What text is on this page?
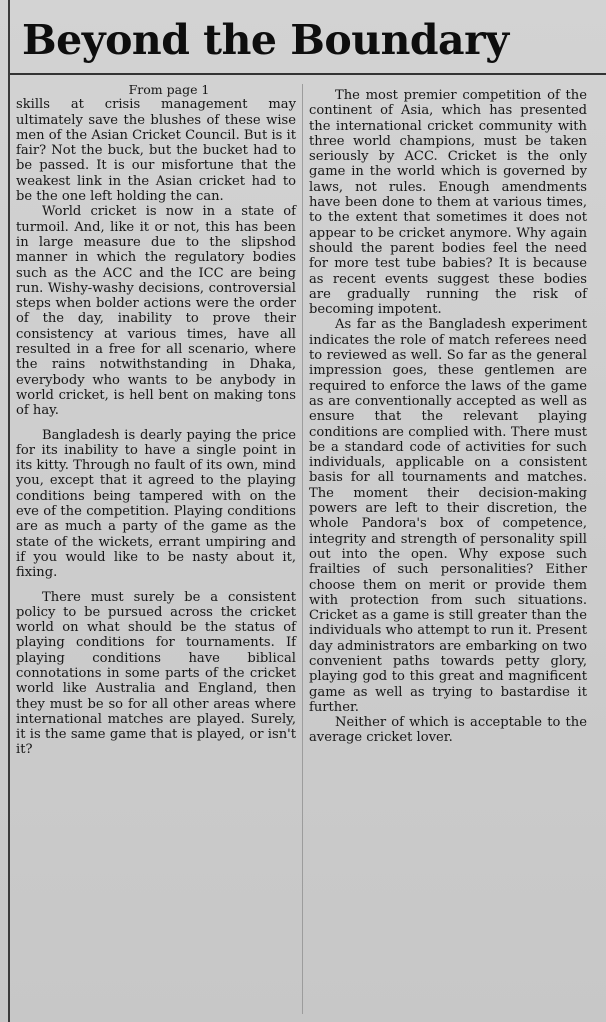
Beyond the Boundary

From page 1

skills at crisis management may ultimately save the blushes of these wise men of the Asian Cricket Council. But is it fair? Not the buck, but the bucket had to be passed. It is our misfortune that the weakest link in the Asian cricket had to be the one left holding the can.

World cricket is now in a state of turmoil. And, like it or not, this has been in large measure due to the slipshod manner in which the regulatory bodies such as the ACC and the ICC are being run. Wishy-washy decisions, controversial steps when bolder actions were the order of the day, inability to prove their consistency at various times, have all resulted in a free for all scenario, where the rains notwithstanding in Dhaka, everybody who wants to be anybody in world cricket, is hell bent on making tons of hay.

Bangladesh is dearly paying the price for its inability to have a single point in its kitty. Through no fault of its own, mind you, except that it agreed to the playing conditions being tampered with on the eve of the competition. Playing conditions are as much a party of the game as the state of the wickets, errant umpiring and if you would like to be nasty about it, fixing.

There must surely be a consistent policy to be pursued across the cricket world on what should be the status of playing conditions for tournaments. If playing conditions have biblical connotations in some parts of the cricket world like Australia and England, then they must be so for all other areas where international matches are played. Surely, it is the same game that is played, or isn't it?

The most premier competition of the continent of Asia, which has presented the international cricket community with three world champions, must be taken seriously by ACC. Cricket is the only game in the world which is governed by laws, not rules. Enough amendments have been done to them at various times, to the extent that sometimes it does not appear to be cricket anymore. Why again should the parent bodies feel the need for more test tube babies? It is because as recent events suggest these bodies are gradually running the risk of becoming impotent.

As far as the Bangladesh experiment indicates the role of match referees need to reviewed as well. So far as the general impression goes, these gentlemen are required to enforce the laws of the game as are conventionally accepted as well as ensure that the relevant playing conditions are complied with. There must be a standard code of activities for such individuals, applicable on a consistent basis for all tournaments and matches. The moment their decision-making powers are left to their discretion, the whole Pandora's box of competence, integrity and strength of personality spill out into the open. Why expose such frailties of such personalities? Either choose them on merit or provide them with protection from such situations. Cricket as a game is still greater than the individuals who attempt to run it. Present day administrators are embarking on two convenient paths towards petty glory, playing god to this great and magnificent game as well as trying to bastardise it further.

Neither of which is acceptable to the average cricket lover.
